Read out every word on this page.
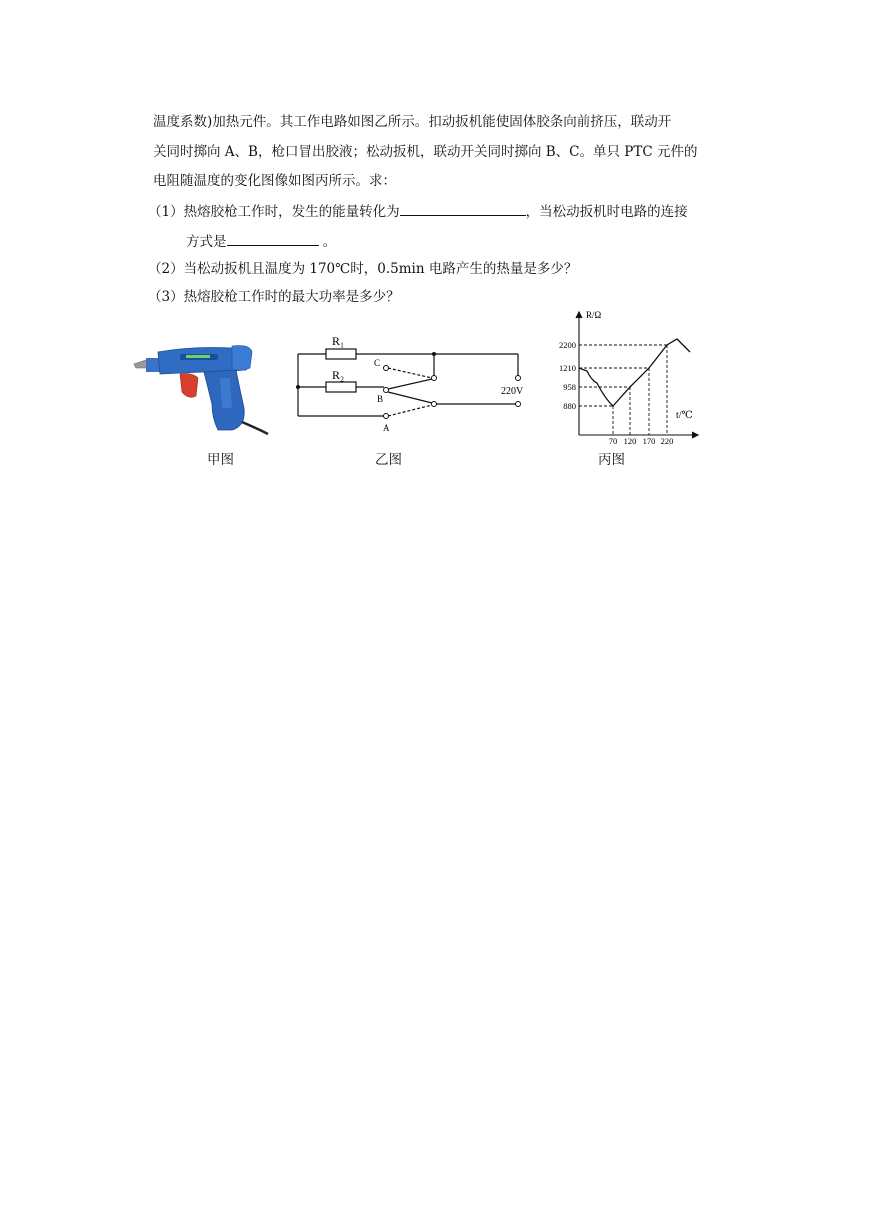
温度系数)加热元件。其工作电路如图乙所示。扣动扳机能使固体胶条向前挤压，联动开
关同时掷向 A、B，枪口冒出胶液；松动扳机，联动开关同时掷向 B、C。单只 PTC 元件的
电阻随温度的变化图像如图丙所示。求：
（1）热熔胶枪工作时，发生的能量转化为	，当松动扳机时电路的连接
方式是	。
（2）当松动扳机且温度为 170℃时，0.5min 电路产生的热量是多少？
（3）热熔胶枪工作时的最大功率是多少？
R₁
R₂
C
B
A
220V
R/Ω
t/℃
880
958
1210
2200
70 120 170 220
甲图	乙图	丙图
